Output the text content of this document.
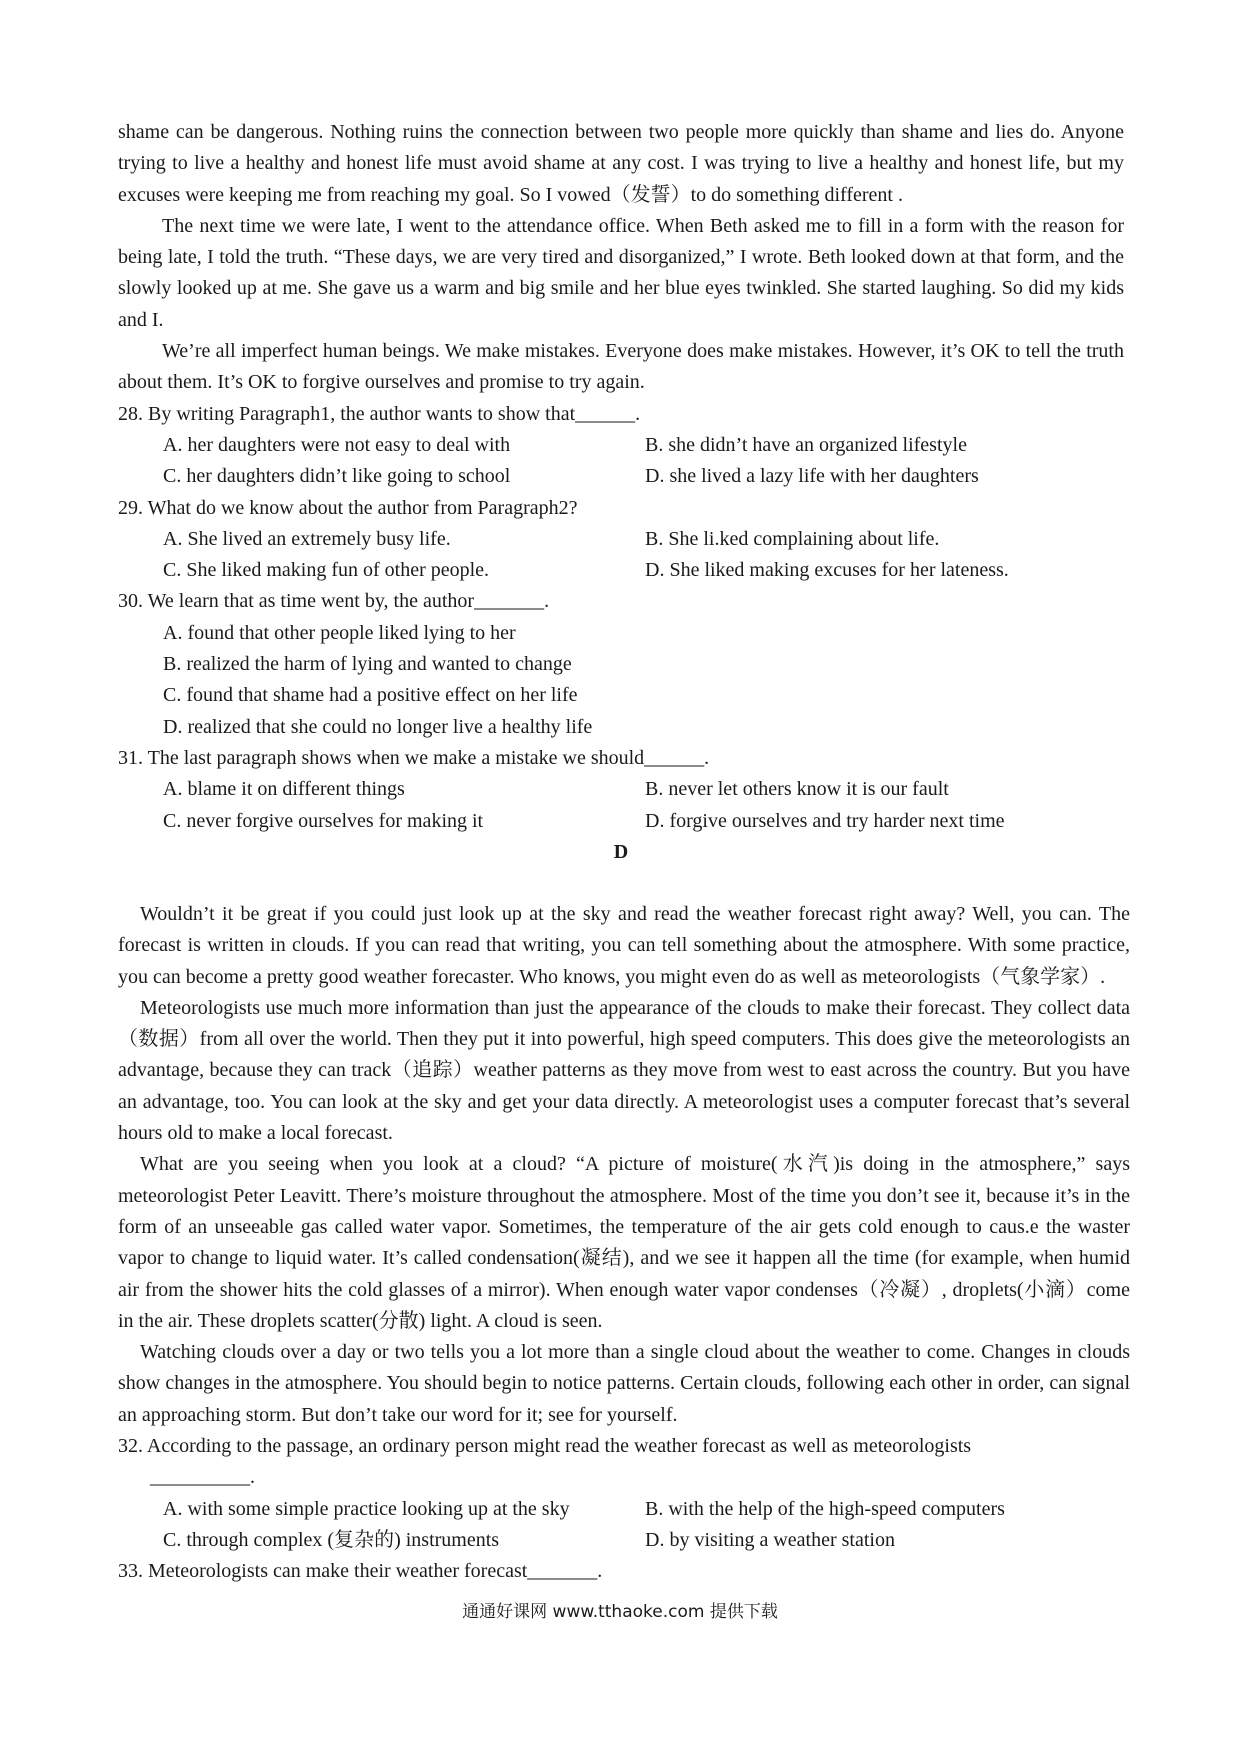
shame can be dangerous. Nothing ruins the connection between two people more quickly than shame and lies do. Anyone trying to live a healthy and honest life must avoid shame at any cost. I was trying to live a healthy and honest life, but my excuses were keeping me from reaching my goal. So I vowed（发誓）to do something different .

The next time we were late, I went to the attendance office. When Beth asked me to fill in a form with the reason for being late, I told the truth. “These days, we are very tired and disorganized,” I wrote. Beth looked down at that form, and the slowly looked up at me. She gave us a warm and big smile and her blue eyes twinkled. She started laughing. So did my kids and I.

We’re all imperfect human beings. We make mistakes. Everyone does make mistakes. However, it’s OK to tell the truth about them. It’s OK to forgive ourselves and promise to try again.

28. By writing Paragraph1, the author wants to show that______.

A. her daughters were not easy to deal with	B. she didn’t have an organized lifestyle
C. her daughters didn’t like going to school	D. she lived a lazy life with her daughters

29. What do we know about the author from Paragraph2?

A. She lived an extremely busy life.	B. She li.ked complaining about life.
C. She liked making fun of other people.	D. She liked making excuses for her lateness.

30. We learn that as time went by, the author_______.

A. found that other people liked lying to her
B. realized the harm of lying and wanted to change
C. found that shame had a positive effect on her life
D. realized that she could no longer live a healthy life

31. The last paragraph shows when we make a mistake we should______.

A. blame it on different things	B. never let others know it is our fault
C. never forgive ourselves for making it	D. forgive ourselves and try harder next time

D

Wouldn’t it be great if you could just look up at the sky and read the weather forecast right away? Well, you can. The forecast is written in clouds. If you can read that writing, you can tell something about the atmosphere. With some practice, you can become a pretty good weather forecaster. Who knows, you might even do as well as meteorologists（气象学家）.

Meteorologists use much more information than just the appearance of the clouds to make their forecast. They collect data（数据）from all over the world. Then they put it into powerful, high speed computers. This does give the meteorologists an advantage, because they can track（追踪）weather patterns as they move from west to east across the country. But you have an advantage, too. You can look at the sky and get your data directly. A meteorologist uses a computer forecast that’s several hours old to make a local forecast.

What are you seeing when you look at a cloud? “A picture of moisture(水汽)is doing in the atmosphere,” says meteorologist Peter Leavitt. There’s moisture throughout the atmosphere. Most of the time you don’t see it, because it’s in the form of an unseeable gas called water vapor. Sometimes, the temperature of the air gets cold enough to caus.e the waster vapor to change to liquid water. It’s called condensation(凝结), and we see it happen all the time (for example, when humid air from the shower hits the cold glasses of a mirror). When enough water vapor condenses（冷凝）, droplets(小滴）come in the air. These droplets scatter(分散) light. A cloud is seen.

Watching clouds over a day or two tells you a lot more than a single cloud about the weather to come. Changes in clouds show changes in the atmosphere. You should begin to notice patterns. Certain clouds, following each other in order, can signal an approaching storm. But don’t take our word for it; see for yourself.

32. According to the passage, an ordinary person might read the weather forecast as well as meteorologists

__________.

A. with some simple practice looking up at the sky	B. with the help of the high-speed computers
C. through complex (复杂的) instruments	D. by visiting a weather station

33. Meteorologists can make their weather forecast_______.

通通好课网 www.tthaoke.com 提供下载
